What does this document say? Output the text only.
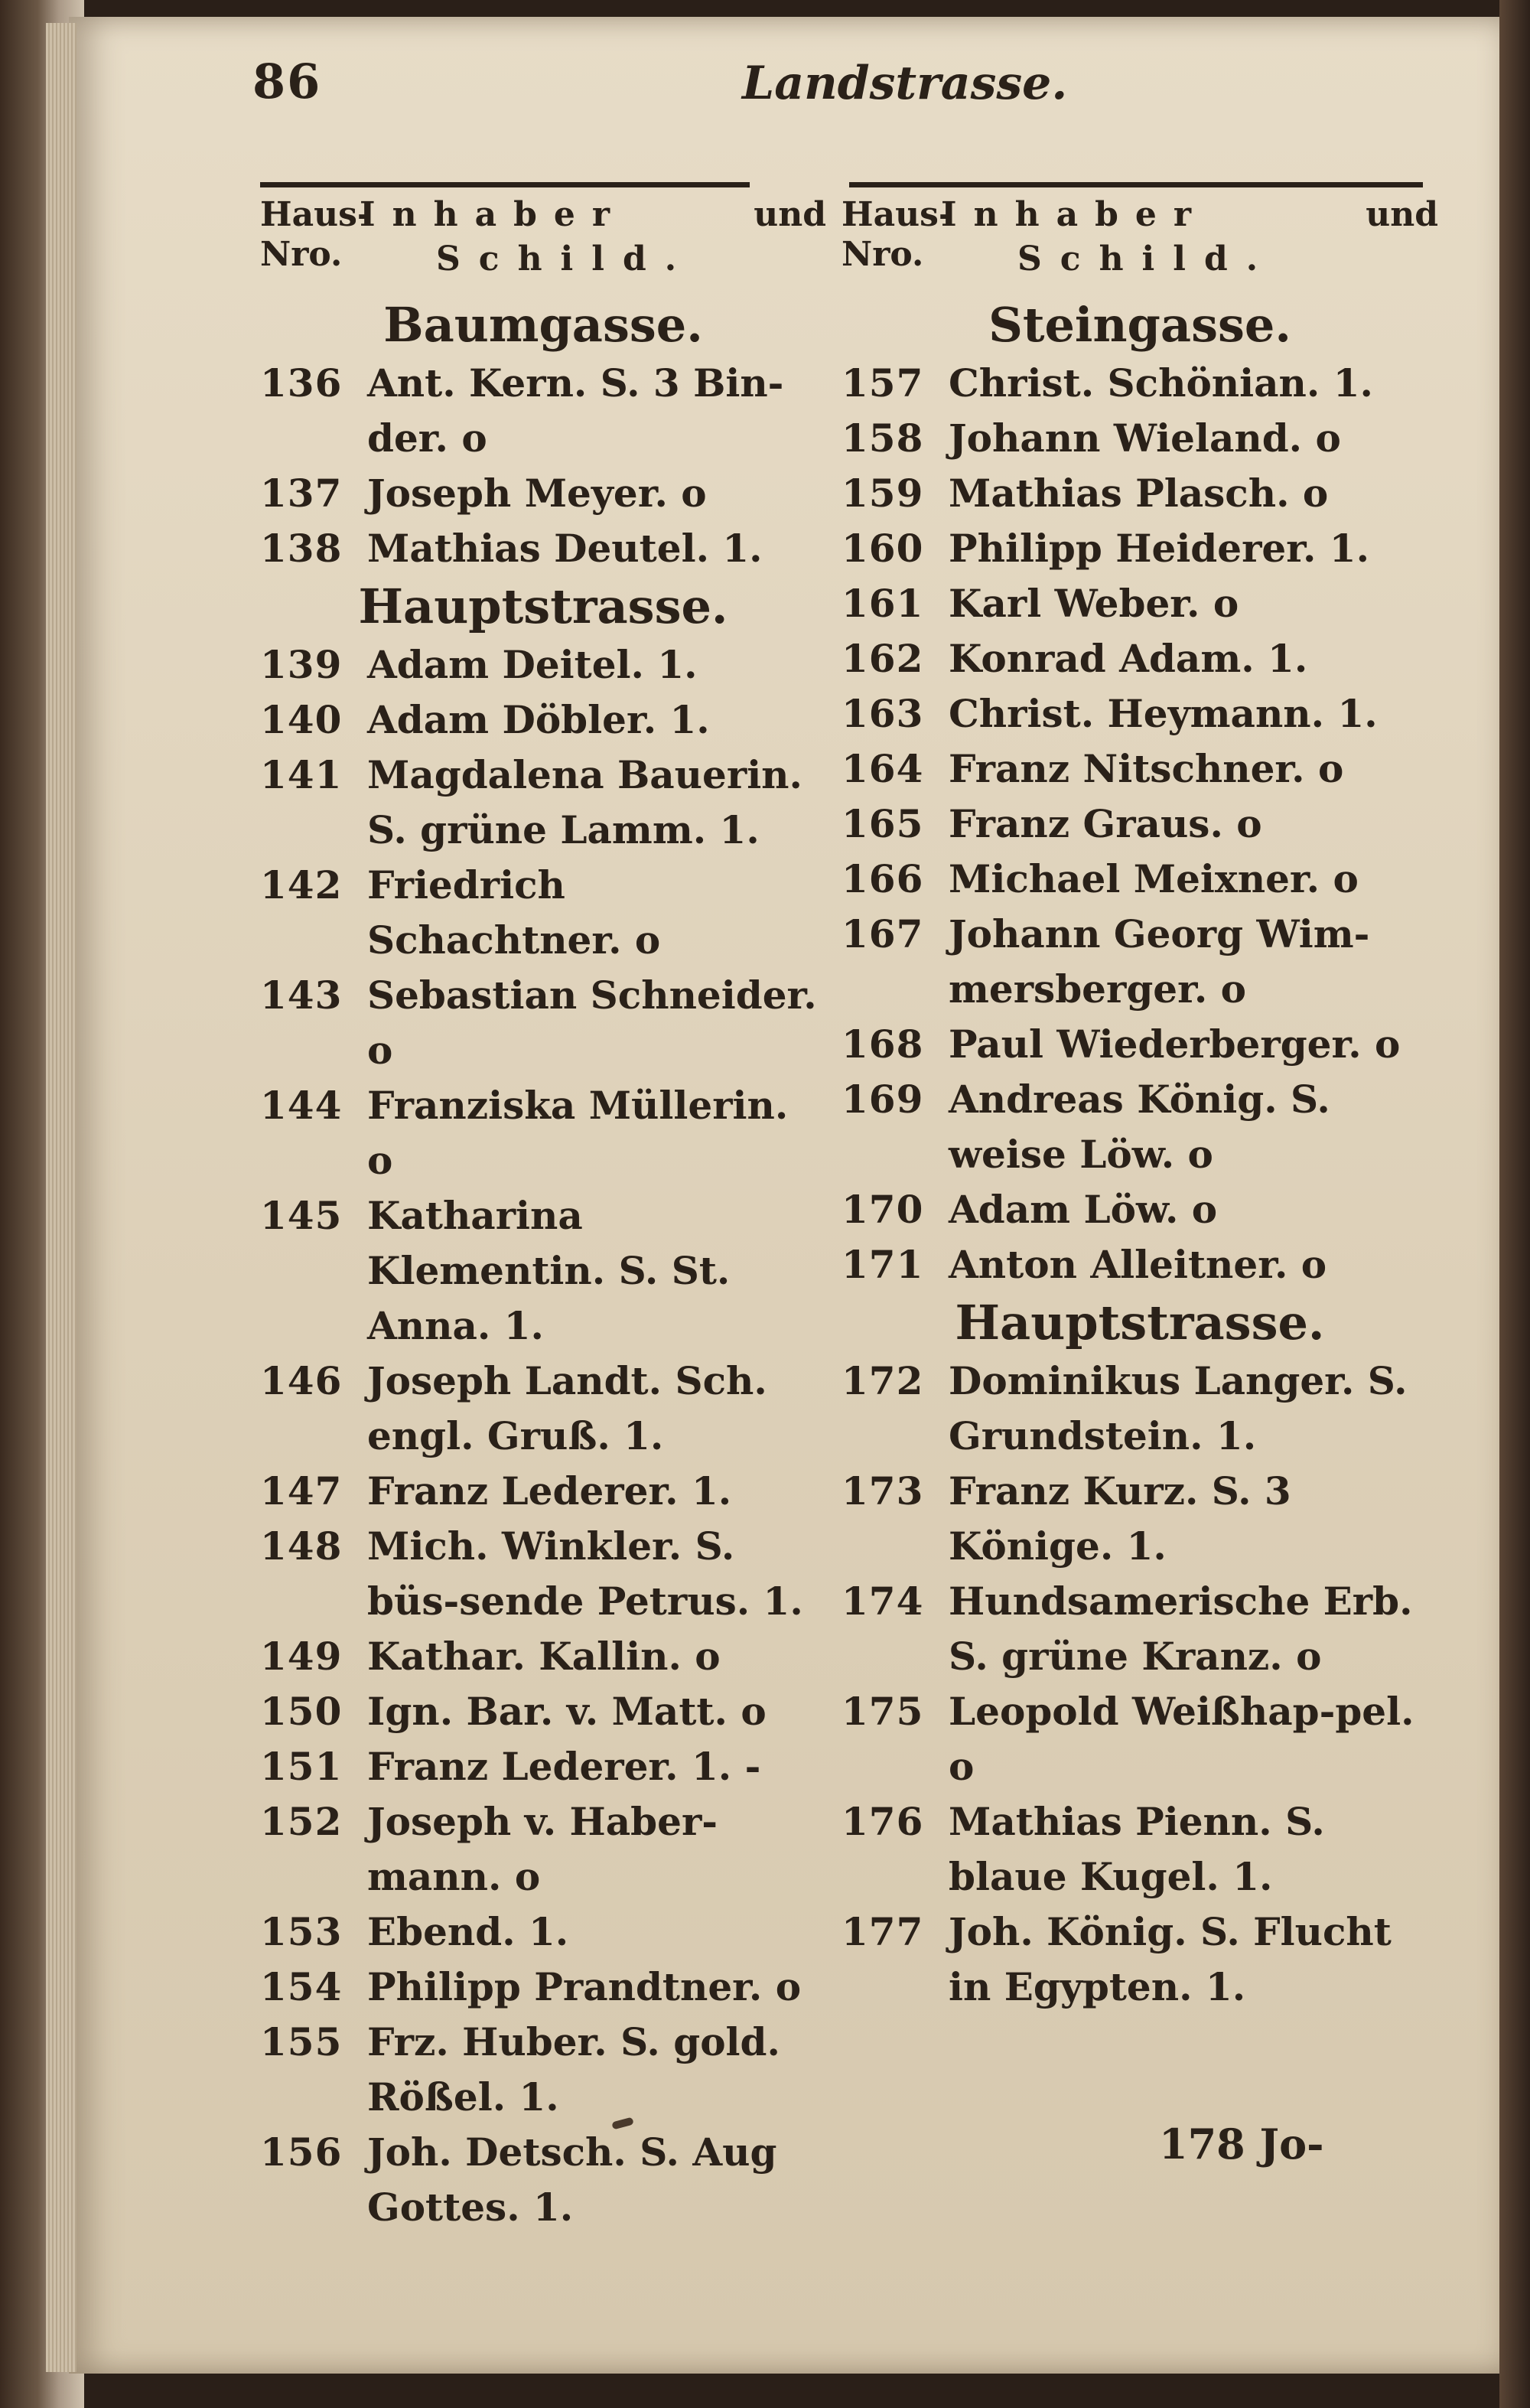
86	Landstrasse.
Haus-
Nro.
Inhaber	und
Schild.
Baumgasse.
136 Ant. Kern. S. 3 Bin-der. o
137 Joseph Meyer. o
138 Mathias Deutel. 1.
Hauptstrasse.
139 Adam Deitel. 1.
140 Adam Döbler. 1.
141 Magdalena Bauerin. S. grüne Lamm. 1.
142 Friedrich Schachtner. o
143 Sebastian Schneider. o
144 Franziska Müllerin. o
145 Katharina Klementin. S. St. Anna. 1.
146 Joseph Landt. Sch. engl. Gruß. 1.
147 Franz Lederer. 1.
148 Mich. Winkler. S. büs-sende Petrus. 1.
149 Kathar. Kallin. o
150 Ign. Bar. v. Matt. o
151 Franz Lederer. 1. -
152 Joseph v. Haber-mann. o
153 Ebend. 1.
154 Philipp Prandtner. o
155 Frz. Huber. S. gold. Rößel. 1.
156 Joh. Detsch. S. Aug Gottes. 1.
Haus-
Nro.
Inhaber	und
Schild.
Steingasse.
157 Christ. Schönian. 1.
158 Johann Wieland. o
159 Mathias Plasch. o
160 Philipp Heiderer. 1.
161 Karl Weber. o
162 Konrad Adam. 1.
163 Christ. Heymann. 1.
164 Franz Nitschner. o
165 Franz Graus. o
166 Michael Meixner. o
167 Johann Georg Wim-mersberger. o
168 Paul Wiederberger. o
169 Andreas König. S. weise Löw. o
170 Adam Löw. o
171 Anton Alleitner. o
Hauptstrasse.
172 Dominikus Langer. S. Grundstein. 1.
173 Franz Kurz. S. 3 Könige. 1.
174 Hundsamerische Erb. S. grüne Kranz. o
175 Leopold Weißhap-pel. o
176 Mathias Pienn. S. blaue Kugel. 1.
177 Joh. König. S. Flucht in Egypten. 1.
178 Jo-
